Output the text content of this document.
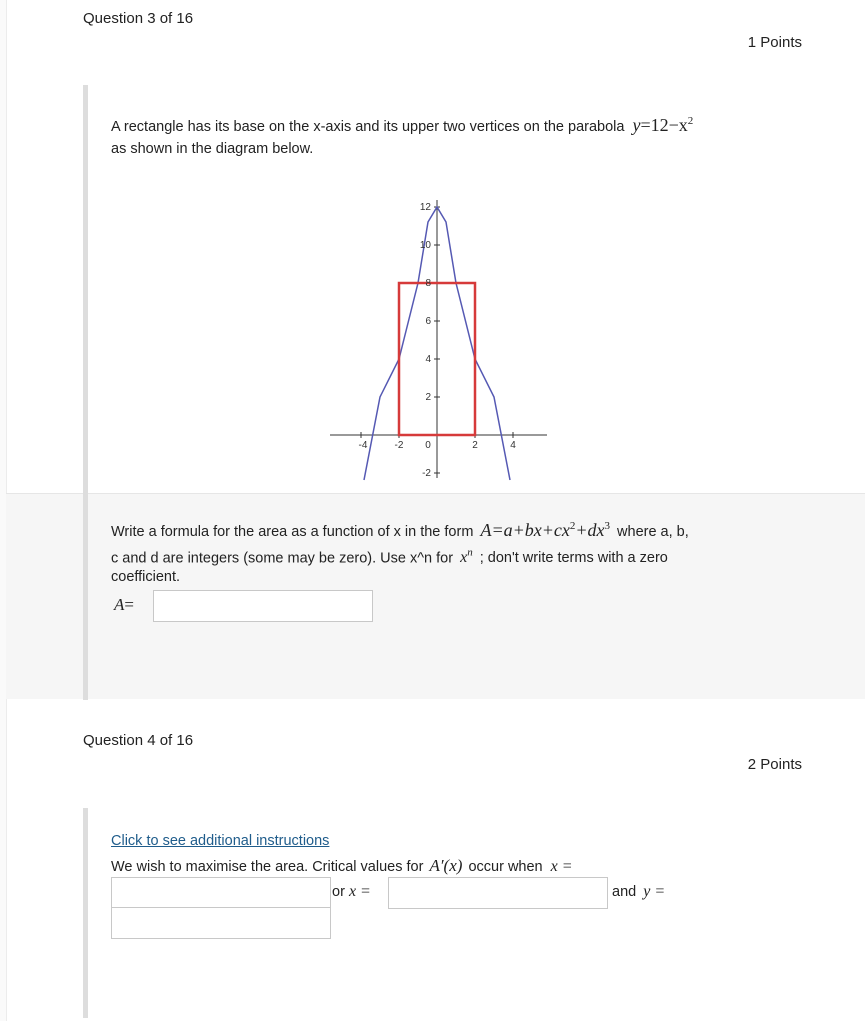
Question 3 of 16
1 Points
A rectangle has its base on the x-axis and its upper two vertices on the parabola $y=12-x^2$
as shown in the diagram below.
12
10
8
6
4
2
-2
-4	-2 0	2	4
Write a formula for the area as a function of x in the form $A=a+bx+cx^2+dx^3$ where a, b,
c and d are integers (some may be zero). Use x^n for $x^n$ ; don't write terms with a zero
coefficient.
A=
Question 4 of 16
2 Points
Click to see additional instructions
We wish to maximise the area. Critical values for A′(x) occur when x =
or x =	and y =
